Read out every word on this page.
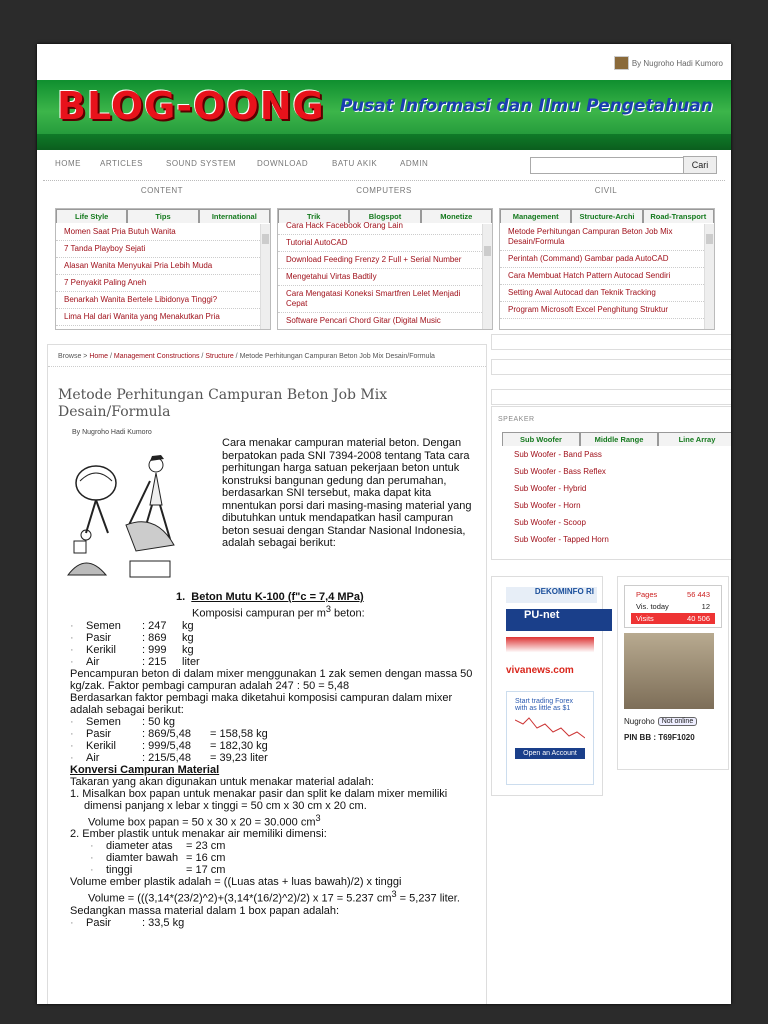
By Nugroho Hadi Kumoro
BLOG-OONG Pusat Informasi dan Ilmu Pengetahuan
HOME ARTICLES	SOUND SYSTEM	DOWNLOAD	BATU AKIK	ADMIN	Cari
CONTENT	COMPUTERS	CIVIL
Life Style	Tips	International
Momen Saat Pria Butuh Wanita
7 Tanda Playboy Sejati
Alasan Wanita Menyukai Pria Lebih Muda
7 Penyakit Paling Aneh
Benarkah Wanita Bertele Libidonya Tinggi?
Lima Hal dari Wanita yang Menakutkan Pria
Trik	Blogspot	Monetize
Cara Hack Facebook Orang Lain
Tutorial AutoCAD
Download Feeding Frenzy 2 Full + Serial Number
Mengetahui Virtas Badtily
Cara Mengatasi Koneksi Smartfren Lelet Menjadi Cepat
Software Pencari Chord Gitar (Digital Music
Management	Structure-Archi	Road-Transport
Metode Perhitungan Campuran Beton Job Mix Desain/Formula
Perintah (Command) Gambar pada AutoCAD
Cara Membuat Hatch Pattern Autocad Sendiri
Setting Awal Autocad dan Teknik Tracking
Program Microsoft Excel Penghitung Struktur
Browse > Home / Management Constructions / Structure / Metode Perhitungan Campuran Beton Job Mix Desain/Formula
Metode Perhitungan Campuran Beton Job Mix Desain/Formula
By Nugroho Hadi Kumoro
Cara menakar campuran material beton. Dengan berpatokan pada SNI 7394-2008 tentang Tata cara perhitungan harga satuan pekerjaan beton untuk konstruksi bangunan gedung dan perumahan, berdasarkan SNI tersebut, maka dapat kita mnentukan porsi dari masing-masing material yang dibutuhkan untuk mendapatkan hasil campuran beton sesuai dengan Standar Nasional Indonesia, adalah sebagai berikut:
1.  Beton Mutu K-100 (f"c = 7,4 MPa)
Komposisi campuran per $m^3$ beton:
·	Semen	: 247	kg
·	Pasir	: 869	kg
·	Kerikil	: 999	kg
·	Air	: 215	liter
Pencampuran beton di dalam mixer menggunakan 1 zak semen dengan massa 50 kg/zak. Faktor pembagi campuran adalah 247 : 50 = 5,48
Berdasarkan faktor pembagi maka diketahui komposisi campuran dalam mixer adalah sebagai berikut:
·	Semen	: 50 kg
·	Pasir	: 869/5,48	= 158,58 kg
·	Kerikil	: 999/5,48	= 182,30 kg
·	Air	: 215/5,48	= 39,23 liter
Konversi Campuran Material
Takaran yang akan digunakan untuk menakar material adalah:
1. Misalkan box papan untuk menakar pasir dan split ke dalam mixer memiliki dimensi panjang x lebar x tinggi = 50 cm x 30 cm x 20 cm.
Volume box papan = 50 x 30 x 20 = 30.000 $cm^3$
2. Ember plastik untuk menakar air memiliki dimensi:
·	diameter atas	= 23 cm
·	diamter bawah = 16 cm
·	tinggi	= 17 cm
Volume ember plastik adalah = ((Luas atas + luas bawah)/2) x tinggi
Volume = (((3,14*(23/2)^2)+(3,14*(16/2)^2)/2) x 17 = 5.237 $cm^3 = 5,237$ liter.
Sedangkan massa material dalam 1 box papan adalah:
·	Pasir	: 33,5 kg
SPEAKER
Sub Woofer	Middle Range	Line Array
Sub Woofer - Band Pass
Sub Woofer - Bass Reflex
Sub Woofer - Hybrid
Sub Woofer - Horn
Sub Woofer - Scoop
Sub Woofer - Tapped Horn
DEKOMINFO RI
PU-net
vivanews.com
Start trading Forex with as little as $1
Open an Account
Pages	56 443
Vis. today	12
Visits	40 506
Nugroho	Not online
PIN BB : T69F1020
